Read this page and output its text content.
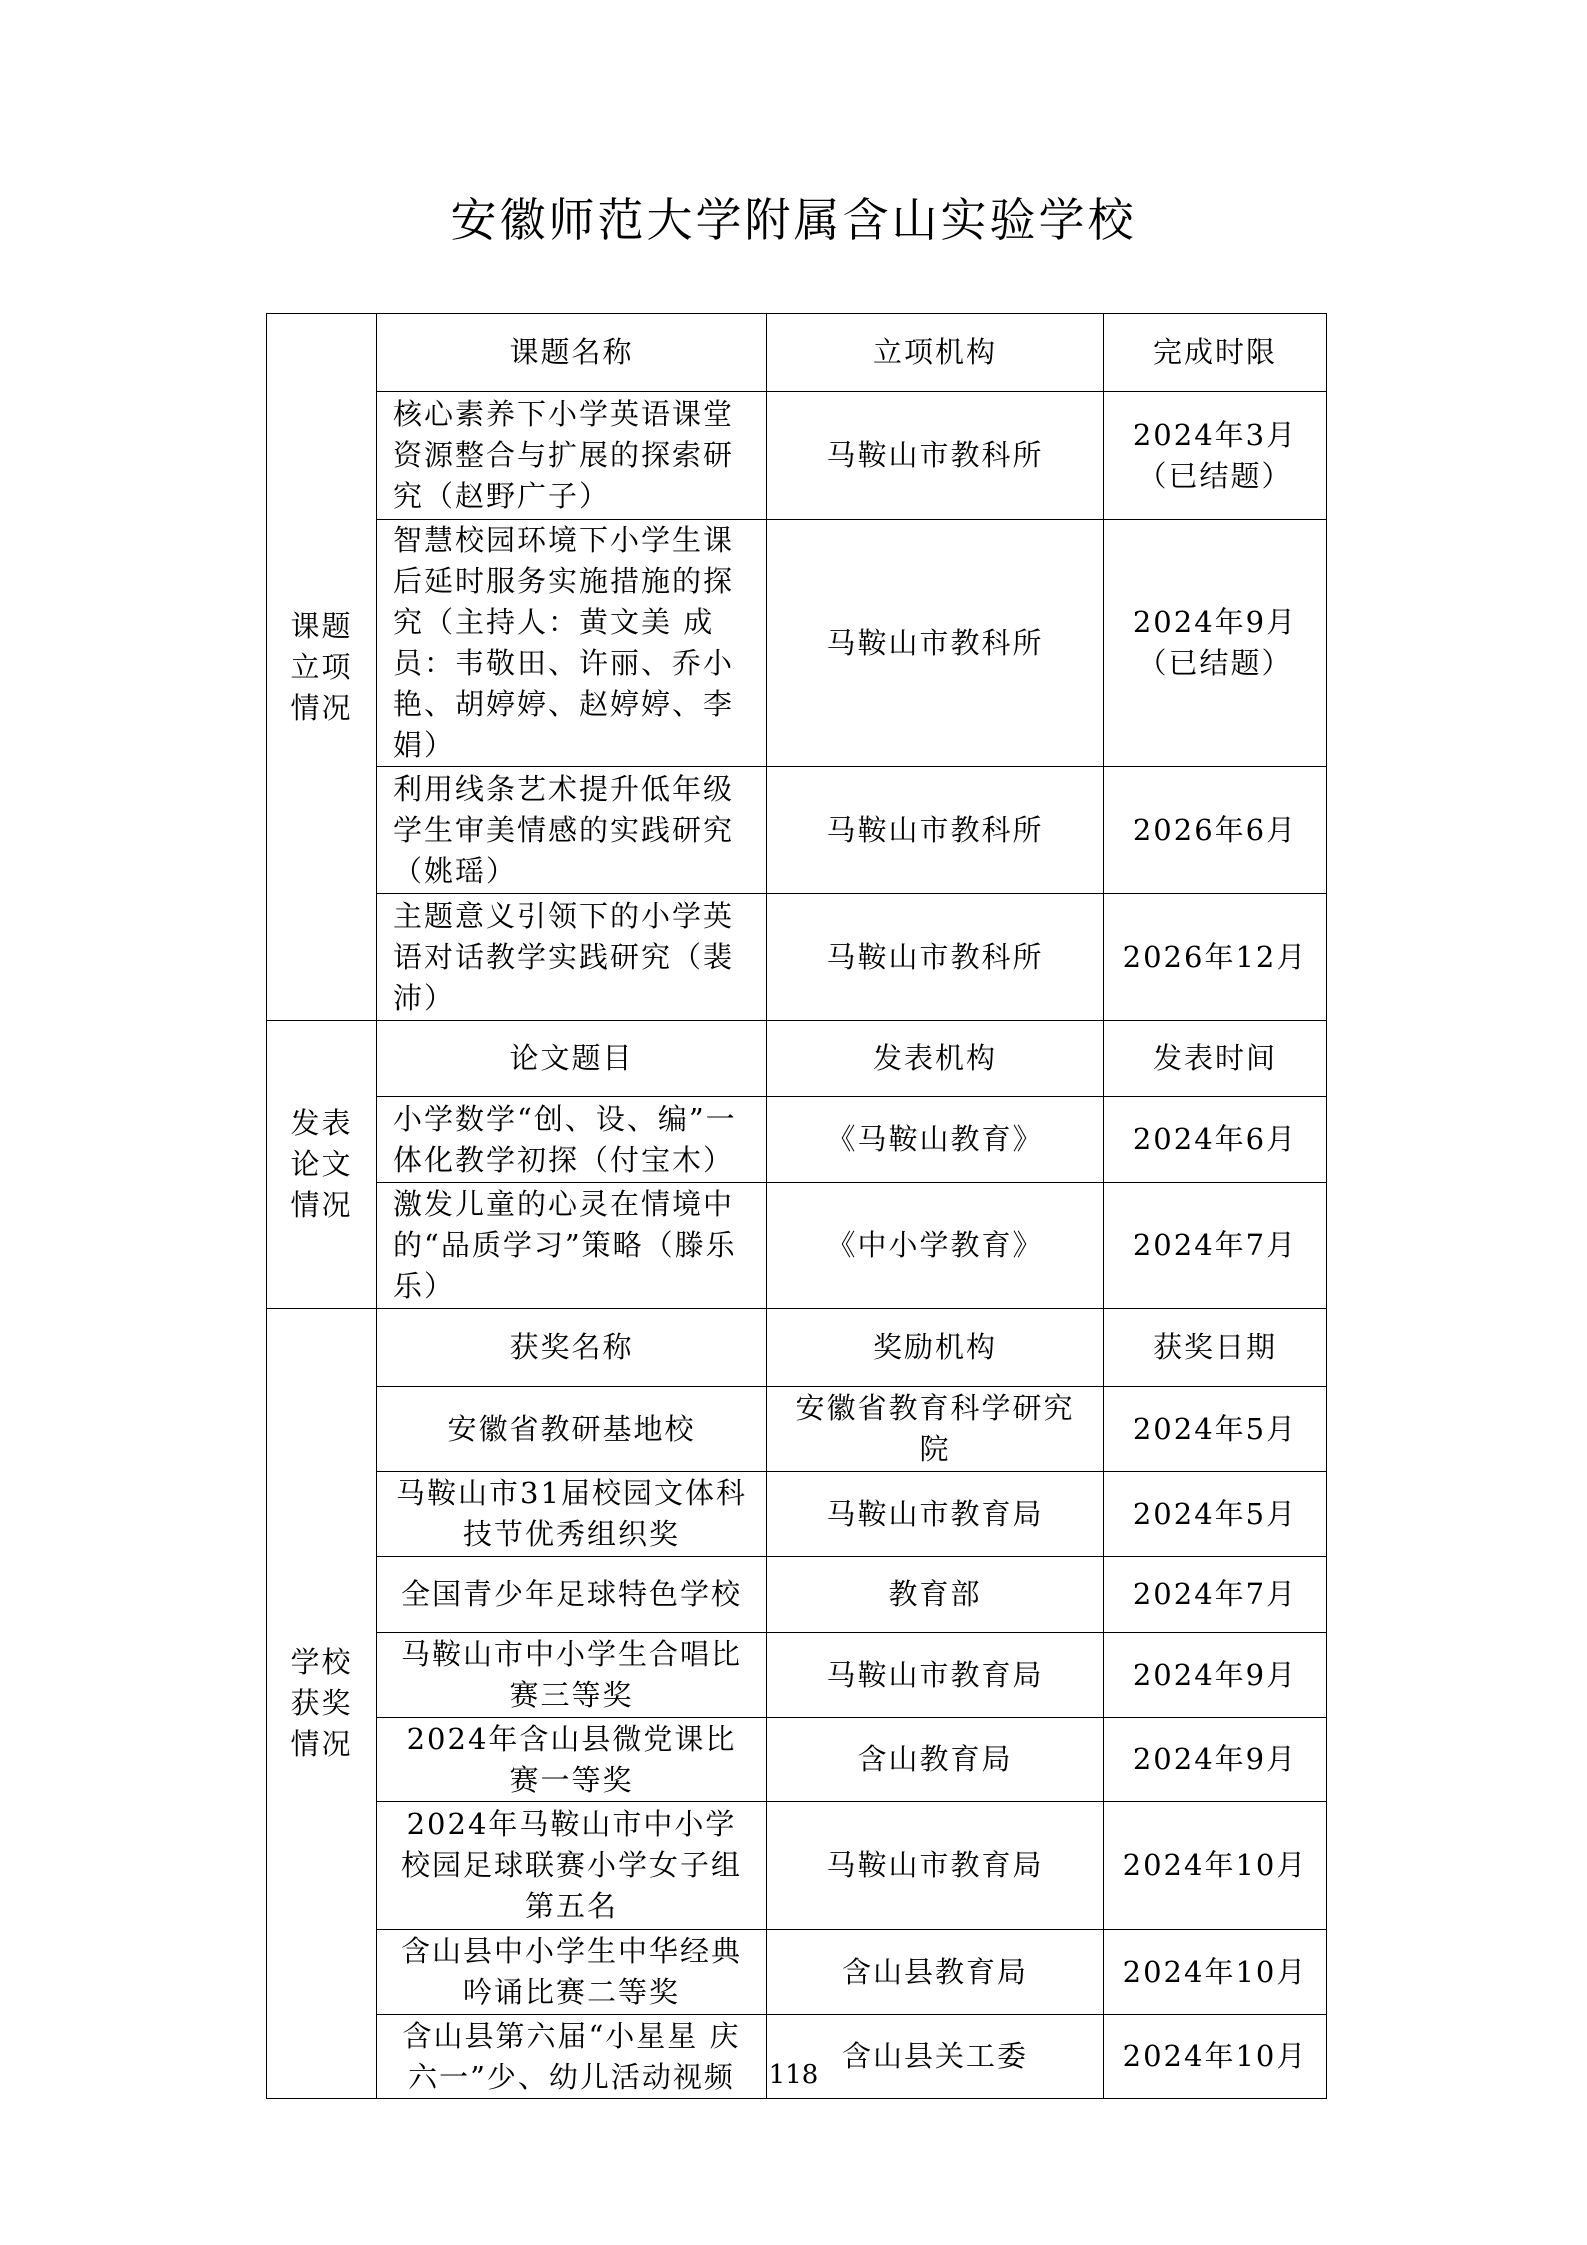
安徽师范大学附属含山实验学校
课题立项情况	课题名称	立项机构	完成时限
	核心素养下小学英语课堂资源整合与扩展的探索研究（赵野广子）	马鞍山市教科所	2024年3月（已结题）
	智慧校园环境下小学生课后延时服务实施措施的探究（主持人：黄文美 成员：韦敬田、许丽、乔小艳、胡婷婷、赵婷婷、李娟）	马鞍山市教科所	2024年9月（已结题）
	利用线条艺术提升低年级学生审美情感的实践研究（姚瑶）	马鞍山市教科所	2026年6月
	主题意义引领下的小学英语对话教学实践研究（裴沛）	马鞍山市教科所	2026年12月
发表论文情况	论文题目	发表机构	发表时间
	小学数学“创、设、编”一体化教学初探（付宝木）	《马鞍山教育》	2024年6月
	激发儿童的心灵在情境中的“品质学习”策略（滕乐乐）	《中小学教育》	2024年7月
学校获奖情况	获奖名称	奖励机构	获奖日期
	安徽省教研基地校	安徽省教育科学研究院	2024年5月
	马鞍山市31届校园文体科技节优秀组织奖	马鞍山市教育局	2024年5月
	全国青少年足球特色学校	教育部	2024年7月
	马鞍山市中小学生合唱比赛三等奖	马鞍山市教育局	2024年9月
	2024年含山县微党课比赛一等奖	含山教育局	2024年9月
	2024年马鞍山市中小学校园足球联赛小学女子组第五名	马鞍山市教育局	2024年10月
	含山县中小学生中华经典吟诵比赛二等奖	含山县教育局	2024年10月
	含山县第六届“小星星 庆六一”少、幼儿活动视频	含山县关工委	2024年10月
118
